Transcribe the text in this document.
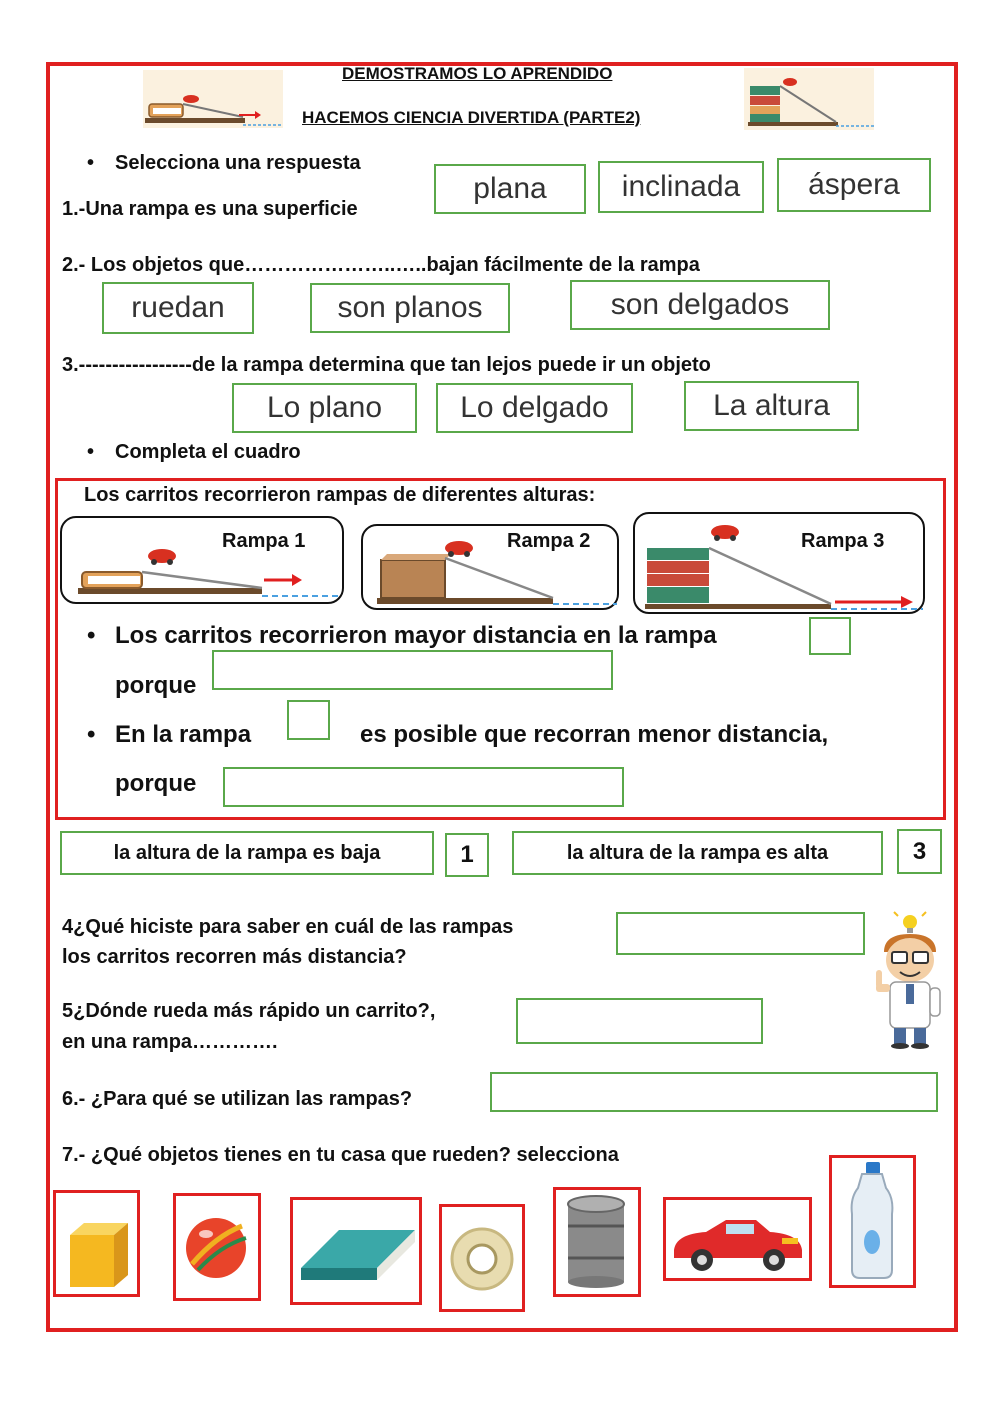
DEMOSTRAMOS LO APRENDIDO
HACEMOS CIENCIA DIVERTIDA (PARTE2)
• Selecciona una respuesta
1.-Una rampa es una superficie
plana	inclinada	áspera
2.- Los objetos que…………………..…..bajan fácilmente de la rampa
ruedan	son planos	son delgados
3.-----------------de la rampa determina que tan lejos puede ir un objeto
Lo plano	Lo delgado	La altura
• Completa el cuadro
Los carritos recorrieron rampas de diferentes alturas:
Rampa 1	Rampa 2	Rampa 3
• Los carritos recorrieron mayor distancia en la rampa
porque
• En la rampa	es posible que recorran menor distancia,
porque
la altura de la rampa es baja	1	la altura de la rampa es alta	3
4¿Qué hiciste para saber en cuál de las rampas
los carritos recorren más distancia?
5¿Dónde rueda más rápido un carrito?,
en una rampa………….
6.- ¿Para qué se utilizan las rampas?
7.- ¿Qué objetos tienes en tu casa que rueden? selecciona
